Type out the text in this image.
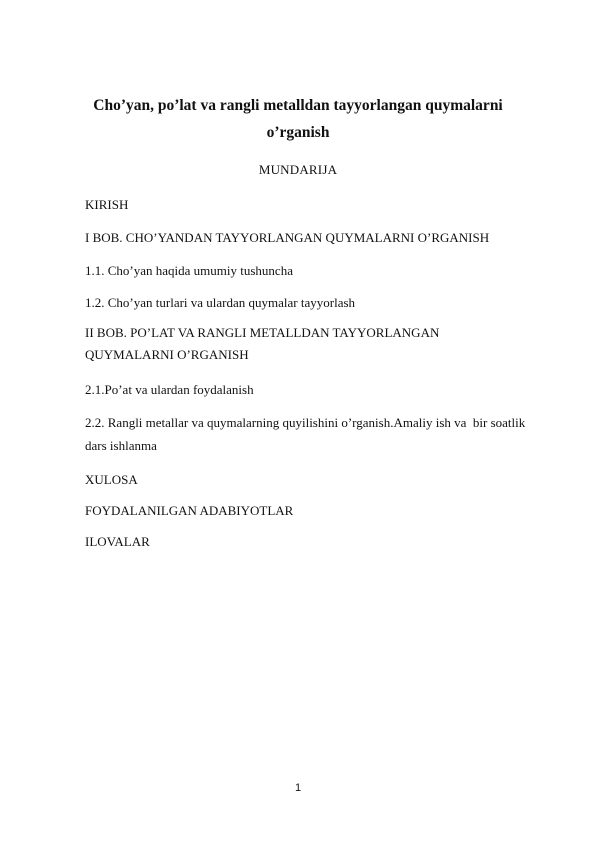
Cho’yan, po’lat va rangli metalldan tayyorlangan quymalarni o’rganish
MUNDARIJA
KIRISH
I BOB. CHO’YANDAN TAYYORLANGAN QUYMALARNI O’RGANISH
1.1. Cho’yan haqida umumiy tushuncha
1.2. Cho’yan turlari va ulardan quymalar tayyorlash
II BOB. PO’LAT VA RANGLI METALLDAN TAYYORLANGAN QUYMALARNI O’RGANISH
2.1.Po’at va ulardan foydalanish
2.2. Rangli metallar va quymalarning quyilishini o’rganish.Amaliy ish va  bir soatlik dars ishlanma
XULOSA
FOYDALANILGAN ADABIYOTLAR
ILOVALAR
1
